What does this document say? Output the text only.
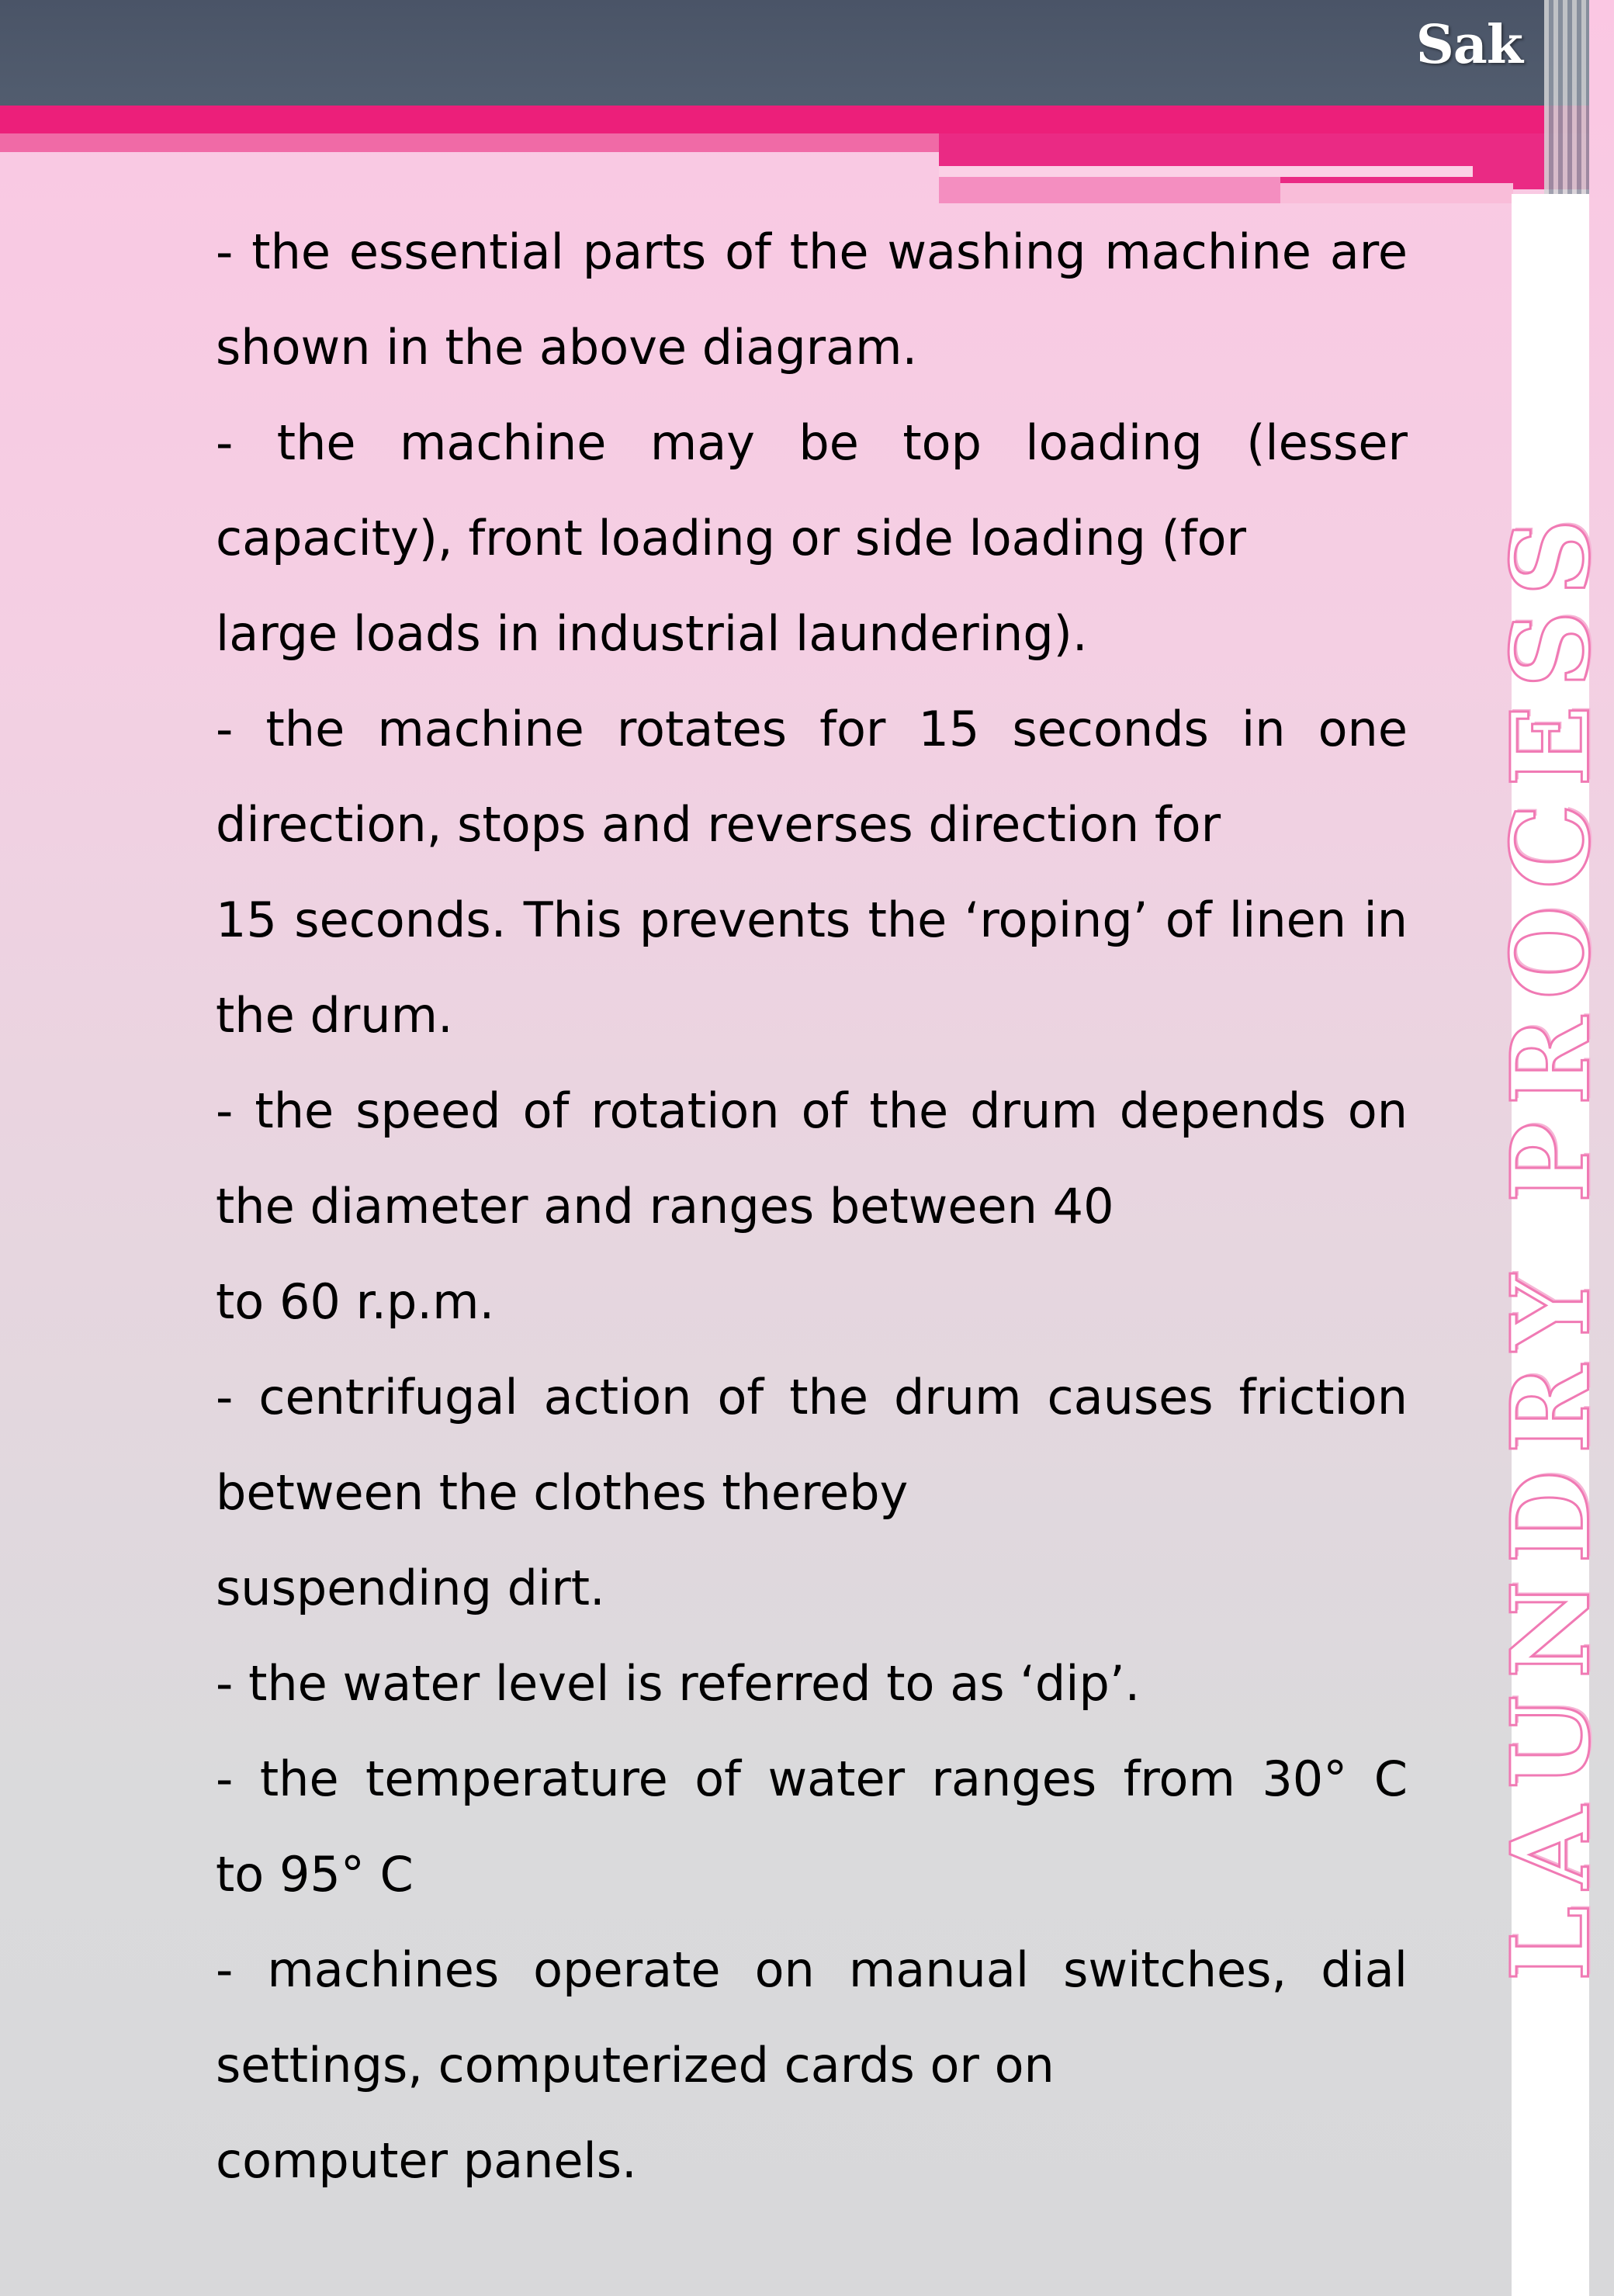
Sak
LAUNDRY PROCESS
- the essential parts of the washing machine are
shown in the above diagram.
- the machine may be top loading (lesser
capacity), front loading or side loading (for
large loads in industrial laundering).
- the machine rotates for 15 seconds in one
direction, stops and reverses direction for
15 seconds. This prevents the ‘roping’ of linen in
the drum.
- the speed of rotation of the drum depends on
the diameter and ranges between 40
to 60 r.p.m.
- centrifugal action of the drum causes friction
between the clothes thereby
suspending dirt.
- the water level is referred to as ‘dip’.
- the temperature of water ranges from 30° C
to 95° C
- machines operate on manual switches, dial
settings, computerized cards or on
computer panels.
